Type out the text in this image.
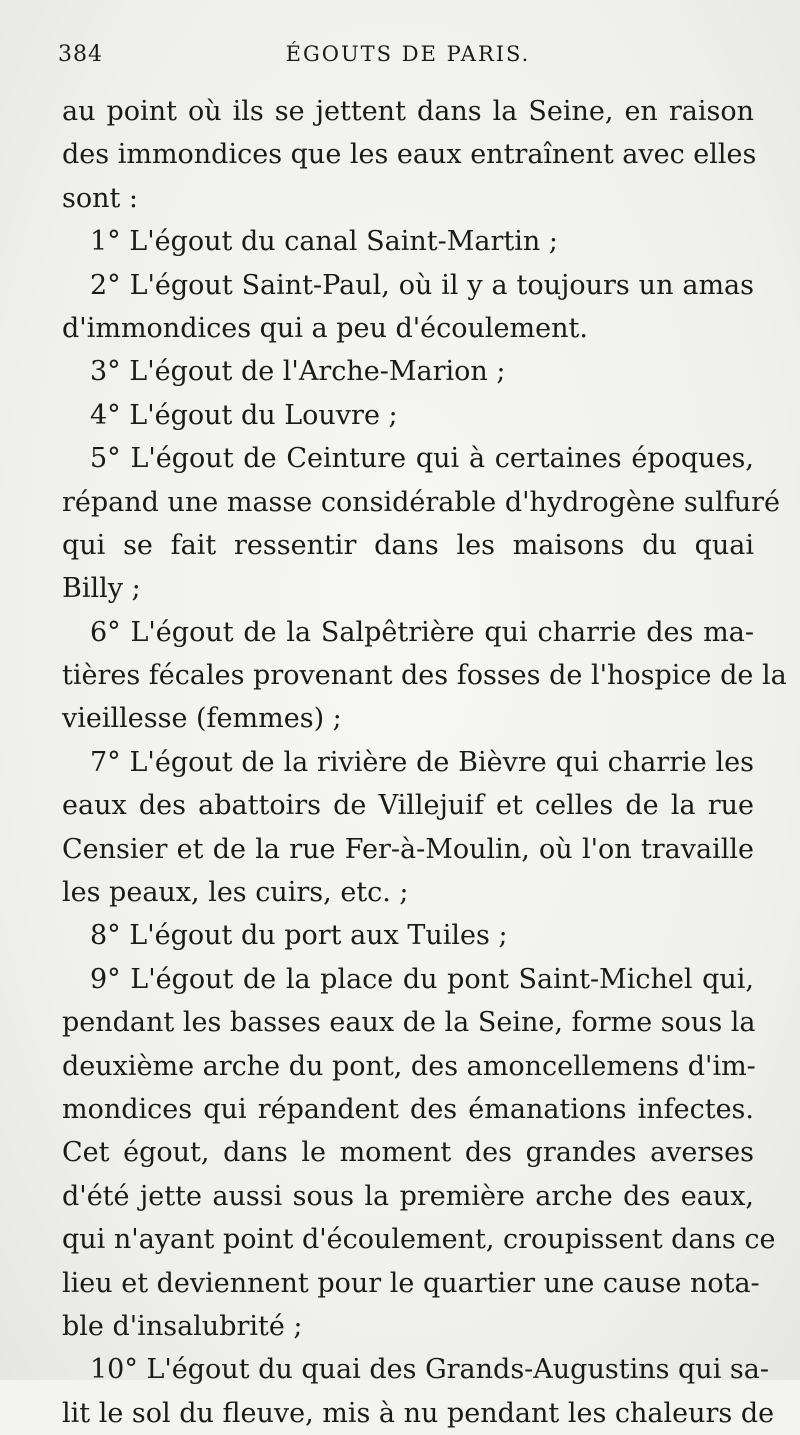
384	ÉGOUTS DE PARIS.
au point où ils se jettent dans la Seine, en raison
des immondices que les eaux entraînent avec elles
sont :
1° L'égout du canal Saint-Martin ;
2° L'égout Saint-Paul, où il y a toujours un amas
d'immondices qui a peu d'écoulement.
3° L'égout de l'Arche-Marion ;
4° L'égout du Louvre ;
5° L'égout de Ceinture qui à certaines époques,
répand une masse considérable d'hydrogène sulfuré
qui se fait ressentir dans les maisons du quai
Billy ;
6° L'égout de la Salpêtrière qui charrie des ma-
tières fécales provenant des fosses de l'hospice de la
vieillesse (femmes) ;
7° L'égout de la rivière de Bièvre qui charrie les
eaux des abattoirs de Villejuif et celles de la rue
Censier et de la rue Fer-à-Moulin, où l'on travaille
les peaux, les cuirs, etc. ;
8° L'égout du port aux Tuiles ;
9° L'égout de la place du pont Saint-Michel qui,
pendant les basses eaux de la Seine, forme sous la
deuxième arche du pont, des amoncellemens d'im-
mondices qui répandent des émanations infectes.
Cet égout, dans le moment des grandes averses
d'été jette aussi sous la première arche des eaux,
qui n'ayant point d'écoulement, croupissent dans ce
lieu et deviennent pour le quartier une cause nota-
ble d'insalubrité ;
10° L'égout du quai des Grands-Augustins qui sa-
lit le sol du fleuve, mis à nu pendant les chaleurs de
